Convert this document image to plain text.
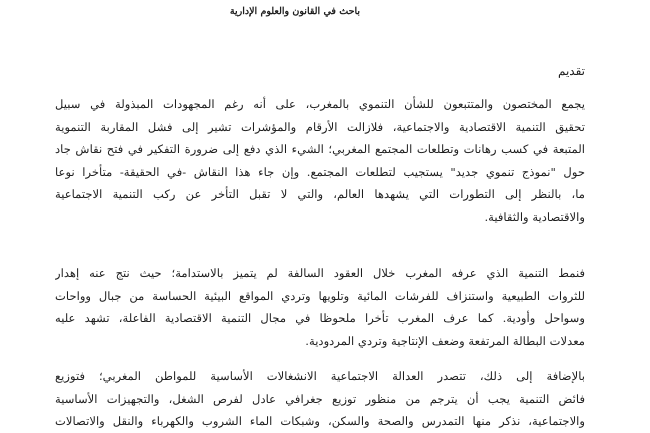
باحث في القانون والعلوم الإدارية

تقديم
يجمع المختصون والمتتبعون للشأن التنموي بالمغرب، على أنه رغم المجهودات المبذولة في سبيل
تحقيق التنمية الاقتصادية والاجتماعية، فلازالت الأرقام والمؤشرات تشير إلى فشل المقاربة التنموية
المتبعة في كسب رهانات وتطلعات المجتمع المغربي؛ الشيء الذي دفع إلى ضرورة التفكير في فتح نقاش جاد
حول "نموذج تنموي جديد" يستجيب لتطلعات المجتمع. وإن جاء هذا النقاش -في الحقيقة- متأخرا نوعا
ما، بالنظر إلى التطورات التي يشهدها العالم، والتي لا تقبل التأخر عن ركب التنمية الاجتماعية
والاقتصادية والثقافية.
فنمط التنمية الذي عرفه المغرب خلال العقود السالفة لم يتميز بالاستدامة؛ حيث نتج عنه إهدار
للثروات الطبيعية واستنزاف للفرشات المائية وتلويها وتردي المواقع البيئية الحساسة من جبال وواحات
وسواحل وأودية. كما عرف المغرب تأخرا ملحوظا في مجال التنمية الاقتصادية الفاعلة، تشهد عليه
معدلات البطالة المرتفعة وضعف الإنتاجية وتردي المردودية.
بالإضافة إلى ذلك، تتصدر العدالة الاجتماعية الانشغالات الأساسية للمواطن المغربي؛ فتوزيع
فائض التنمية يجب أن يترجم من منظور توزيع جغرافي عادل لفرص الشغل، والتجهيزات الأساسية
والاجتماعية، نذكر منها التمدرس والصحة والسكن، وشبكات الماء الشروب والكهرباء والنقل والاتصالات
